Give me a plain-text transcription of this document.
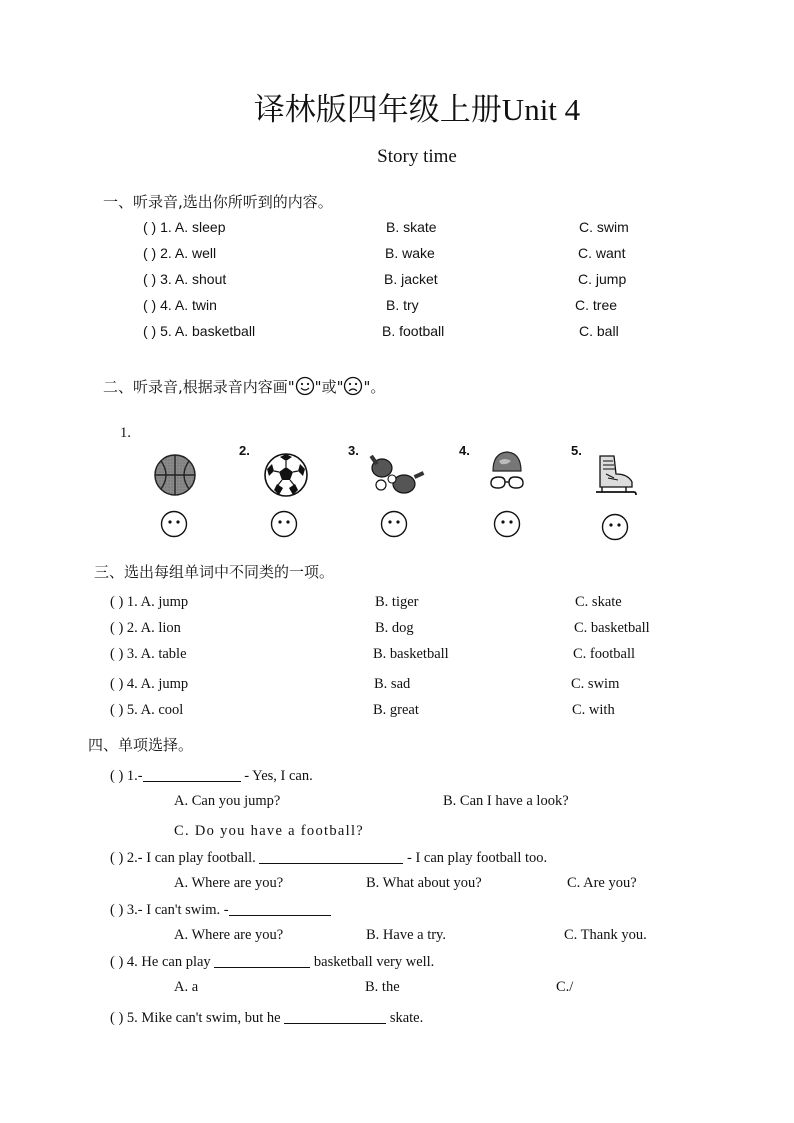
译林版四年级上册Unit 4
Story time
一、听录音,选出你所听到的内容。
( ) 1. A. sleep	B. skate	C. swim
( ) 2. A. well	B. wake	C. want
( ) 3. A. shout	B. jacket	C. jump
( ) 4. A. twin	B. try	C. tree
( ) 5. A. basketball	B. football	C. ball
二、听录音,根据录音内容画" "或" "。
1.
2.	3.	4.	5.
三、选出每组单词中不同类的一项。
( ) 1. A. jump	B. tiger	C. skate
( ) 2. A. lion	B. dog	C. basketball
( ) 3. A. table	B. basketball	C. football
( ) 4. A. jump	B. sad	C. swim
( ) 5. A. cool	B. great	C. with
四、单项选择。
( ) 1.-	- Yes, I can.
A. Can you jump?	B. Can I have a look?
C. Do you have a football?
( ) 2.- I can play football.	- I can play football too.
A. Where are you?	B. What about you?	C. Are you?
( ) 3.- I can't swim. -
A. Where are you?	B. Have a try.	C. Thank you.
( ) 4. He can play	basketball very well.
A. a	B. the	C./
( ) 5. Mike can't swim, but he	skate.
